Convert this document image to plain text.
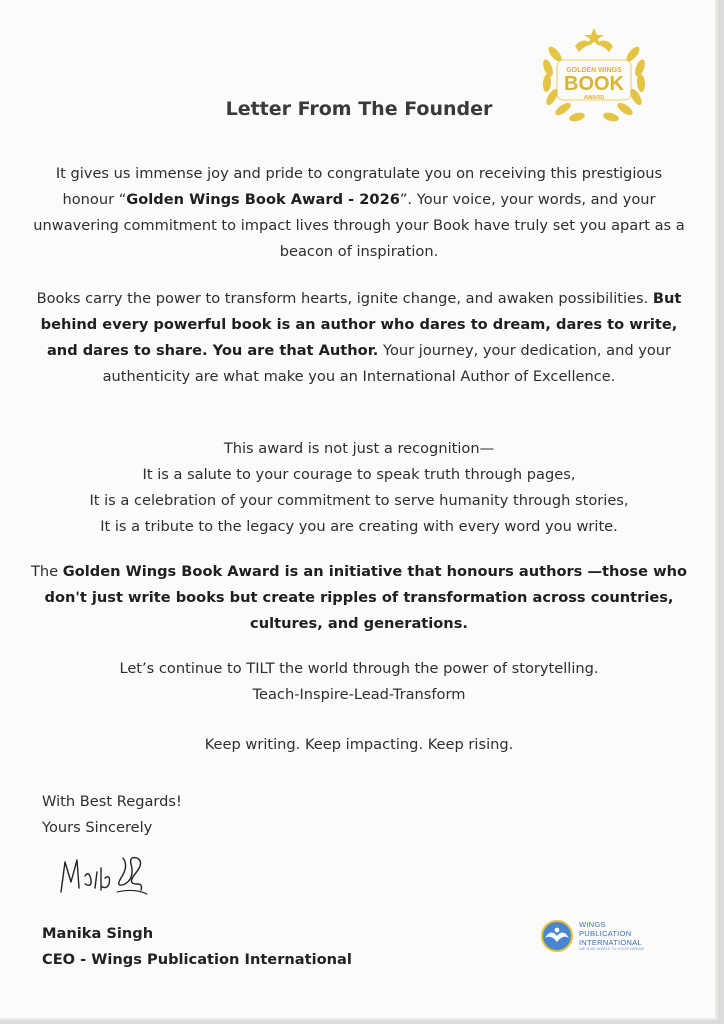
GOLDEN WINGS
BOOK
AWARD
Letter From The Founder
It gives us immense joy and pride to congratulate you on receiving this prestigious honour “Golden Wings Book Award - 2026”. Your voice, your words, and your unwavering commitment to impact lives through your Book have truly set you apart as a beacon of inspiration.
Books carry the power to transform hearts, ignite change, and awaken possibilities. But behind every powerful book is an author who dares to dream, dares to write, and dares to share. You are that Author. Your journey, your dedication, and your authenticity are what make you an International Author of Excellence.
This award is not just a recognition—
It is a salute to your courage to speak truth through pages,
It is a celebration of your commitment to serve humanity through stories,
It is a tribute to the legacy you are creating with every word you write.
The Golden Wings Book Award is an initiative that honours authors —those who don't just write books but create ripples of transformation across countries, cultures, and generations.
Let’s continue to TILT the world through the power of storytelling.
Teach-Inspire-Lead-Transform
Keep writing. Keep impacting. Keep rising.
With Best Regards!
Yours Sincerely
Manika Singh
CEO - Wings Publication International
WINGS
PUBLICATION
INTERNATIONAL
WE GIVE WINGS TO YOUR DREAM
